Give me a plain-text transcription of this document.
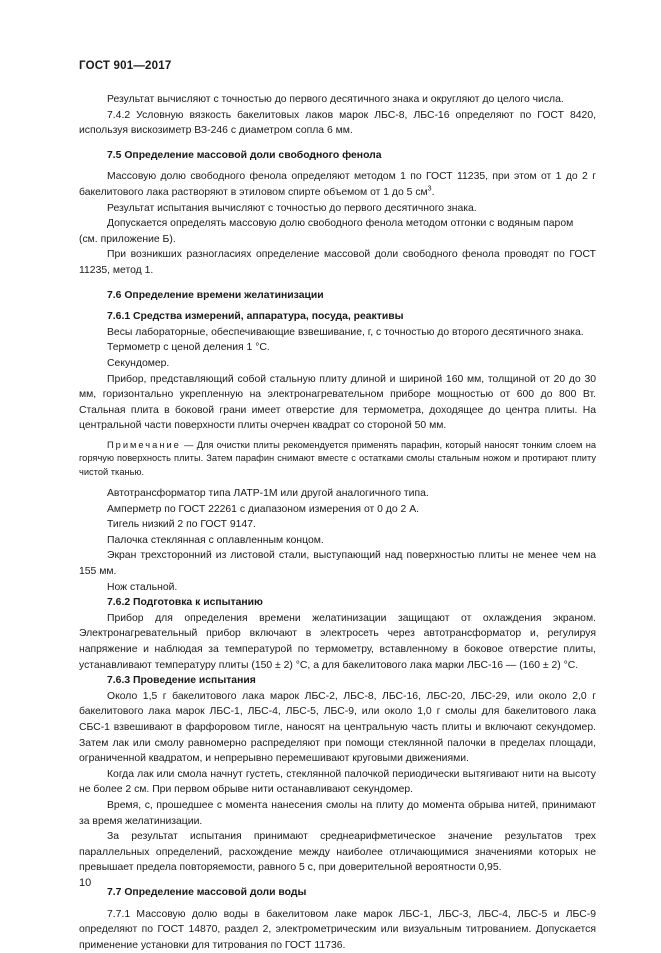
ГОСТ 901—2017
Результат вычисляют с точностью до первого десятичного знака и округляют до целого числа.
7.4.2 Условную вязкость бакелитовых лаков марок ЛБС-8, ЛБС-16 определяют по ГОСТ 8420, используя вискозиметр ВЗ-246 с диаметром сопла 6 мм.
7.5 Определение массовой доли свободного фенола
Массовую долю свободного фенола определяют методом 1 по ГОСТ 11235, при этом от 1 до 2 г бакелитового лака растворяют в этиловом спирте объемом от 1 до 5 $см^3$.
Результат испытания вычисляют с точностью до первого десятичного знака.
Допускается определять массовую долю свободного фенола методом отгонки с водяным паром
(см. приложение Б).
При возникших разногласиях определение массовой доли свободного фенола проводят по ГОСТ 11235, метод 1.
7.6 Определение времени желатинизации
7.6.1 Средства измерений, аппаратура, посуда, реактивы
Весы лабораторные, обеспечивающие взвешивание, г, с точностью до второго десятичного знака.
Термометр с ценой деления 1 °С.
Секундомер.
Прибор, представляющий собой стальную плиту длиной и шириной 160 мм, толщиной от 20 до 30 мм, горизонтально укрепленную на электронагревательном приборе мощностью от 600 до 800 Вт. Стальная плита в боковой грани имеет отверстие для термометра, доходящее до центра плиты. На центральной части поверхности плиты очерчен квадрат со стороной 50 мм.
Примечание — Для очистки плиты рекомендуется применять парафин, который наносят тонким слоем на горячую поверхность плиты. Затем парафин снимают вместе с остатками смолы стальным ножом и протирают плиту чистой тканью.
Автотрансформатор типа ЛАТР-1М или другой аналогичного типа.
Амперметр по ГОСТ 22261 с диапазоном измерения от 0 до 2 А.
Тигель низкий 2 по ГОСТ 9147.
Палочка стеклянная с оплавленным концом.
Экран трехсторонний из листовой стали, выступающий над поверхностью плиты не менее чем на 155 мм.
Нож стальной.
7.6.2 Подготовка к испытанию
Прибор для определения времени желатинизации защищают от охлаждения экраном. Электронагревательный прибор включают в электросеть через автотрансформатор и, регулируя напряжение и наблюдая за температурой по термометру, вставленному в боковое отверстие плиты, устанавливают температуру плиты (150 ± 2) °С, а для бакелитового лака марки ЛБС-16 — (160 ± 2) °С.
7.6.3 Проведение испытания
Около 1,5 г бакелитового лака марок ЛБС-2, ЛБС-8, ЛБС-16, ЛБС-20, ЛБС-29, или около 2,0 г бакелитового лака марок ЛБС-1, ЛБС-4, ЛБС-5, ЛБС-9, или около 1,0 г смолы для бакелитового лака СБС-1 взвешивают в фарфоровом тигле, наносят на центральную часть плиты и включают секундомер. Затем лак или смолу равномерно распределяют при помощи стеклянной палочки в пределах площади, ограниченной квадратом, и непрерывно перемешивают круговыми движениями.
Когда лак или смола начнут густеть, стеклянной палочкой периодически вытягивают нити на высоту не более 2 см. При первом обрыве нити останавливают секундомер.
Время, с, прошедшее с момента нанесения смолы на плиту до момента обрыва нитей, принимают за время желатинизации.
За результат испытания принимают среднеарифметическое значение результатов трех параллельных определений, расхождение между наиболее отличающимися значениями которых не превышает предела повторяемости, равного 5 с, при доверительной вероятности 0,95.
7.7 Определение массовой доли воды
7.7.1 Массовую долю воды в бакелитовом лаке марок ЛБС-1, ЛБС-3, ЛБС-4, ЛБС-5 и ЛБС-9 определяют по ГОСТ 14870, раздел 2, электрометрическим или визуальным титрованием. Допускается применение установки для титрования по ГОСТ 11736.
10
